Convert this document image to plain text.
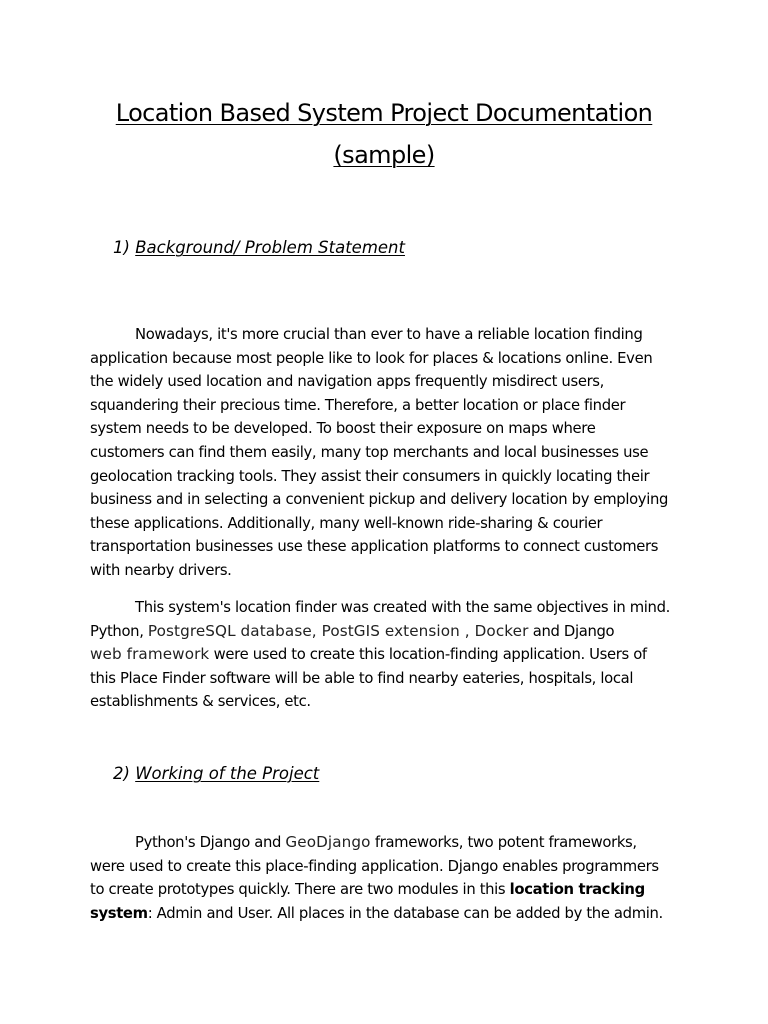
Location Based System Project Documentation
(sample)
1) Background/ Problem Statement

Nowadays, it's more crucial than ever to have a reliable location finding
application because most people like to look for places & locations online. Even
the widely used location and navigation apps frequently misdirect users,
squandering their precious time. Therefore, a better location or place finder
system needs to be developed. To boost their exposure on maps where
customers can find them easily, many top merchants and local businesses use
geolocation tracking tools. They assist their consumers in quickly locating their
business and in selecting a convenient pickup and delivery location by employing
these applications. Additionally, many well-known ride-sharing & courier
transportation businesses use these application platforms to connect customers
with nearby drivers.

This system's location finder was created with the same objectives in mind.
Python, PostgreSQL database, PostGIS extension , Docker and Django
web framework were used to create this location-finding application. Users of
this Place Finder software will be able to find nearby eateries, hospitals, local
establishments & services, etc.

2) Working of the Project

Python's Django and GeoDjango frameworks, two potent frameworks,
were used to create this place-finding application. Django enables programmers
to create prototypes quickly. There are two modules in this location tracking
system: Admin and User. All places in the database can be added by the admin.
